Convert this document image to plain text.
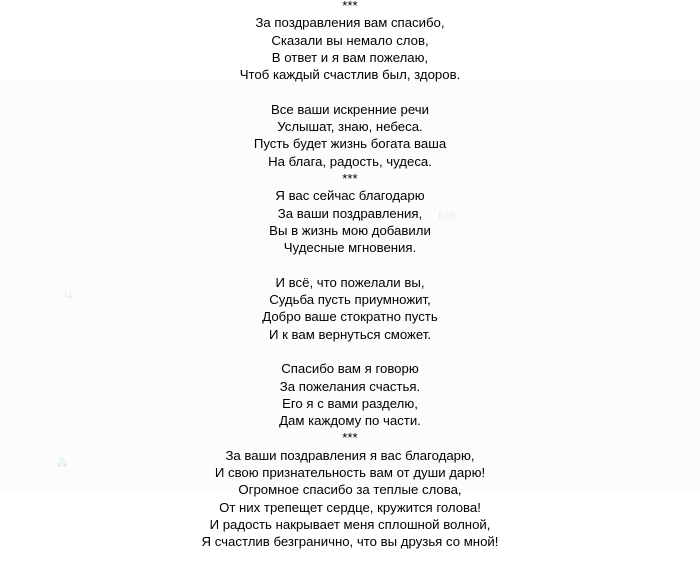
ые
ц
⁂
***
За поздравления вам спасибо,
Сказали вы немало слов,
В ответ и я вам пожелаю,
Чтоб каждый счастлив был, здоров.
Все ваши искренние речи
Услышат, знаю, небеса.
Пусть будет жизнь богата ваша
На блага, радость, чудеса.
***
Я вас сейчас благодарю
За ваши поздравления,
Вы в жизнь мою добавили
Чудесные мгновения.
И всё, что пожелали вы,
Судьба пусть приумножит,
Добро ваше стократно пусть
И к вам вернуться сможет.
Спасибо вам я говорю
За пожелания счастья.
Его я с вами разделю,
Дам каждому по части.
***
За ваши поздравления я вас благодарю,
И свою признательность вам от души дарю!
Огромное спасибо за теплые слова,
От них трепещет сердце, кружится голова!
И радость накрывает меня сплошной волной,
Я счастлив безгранично, что вы друзья со мной!
